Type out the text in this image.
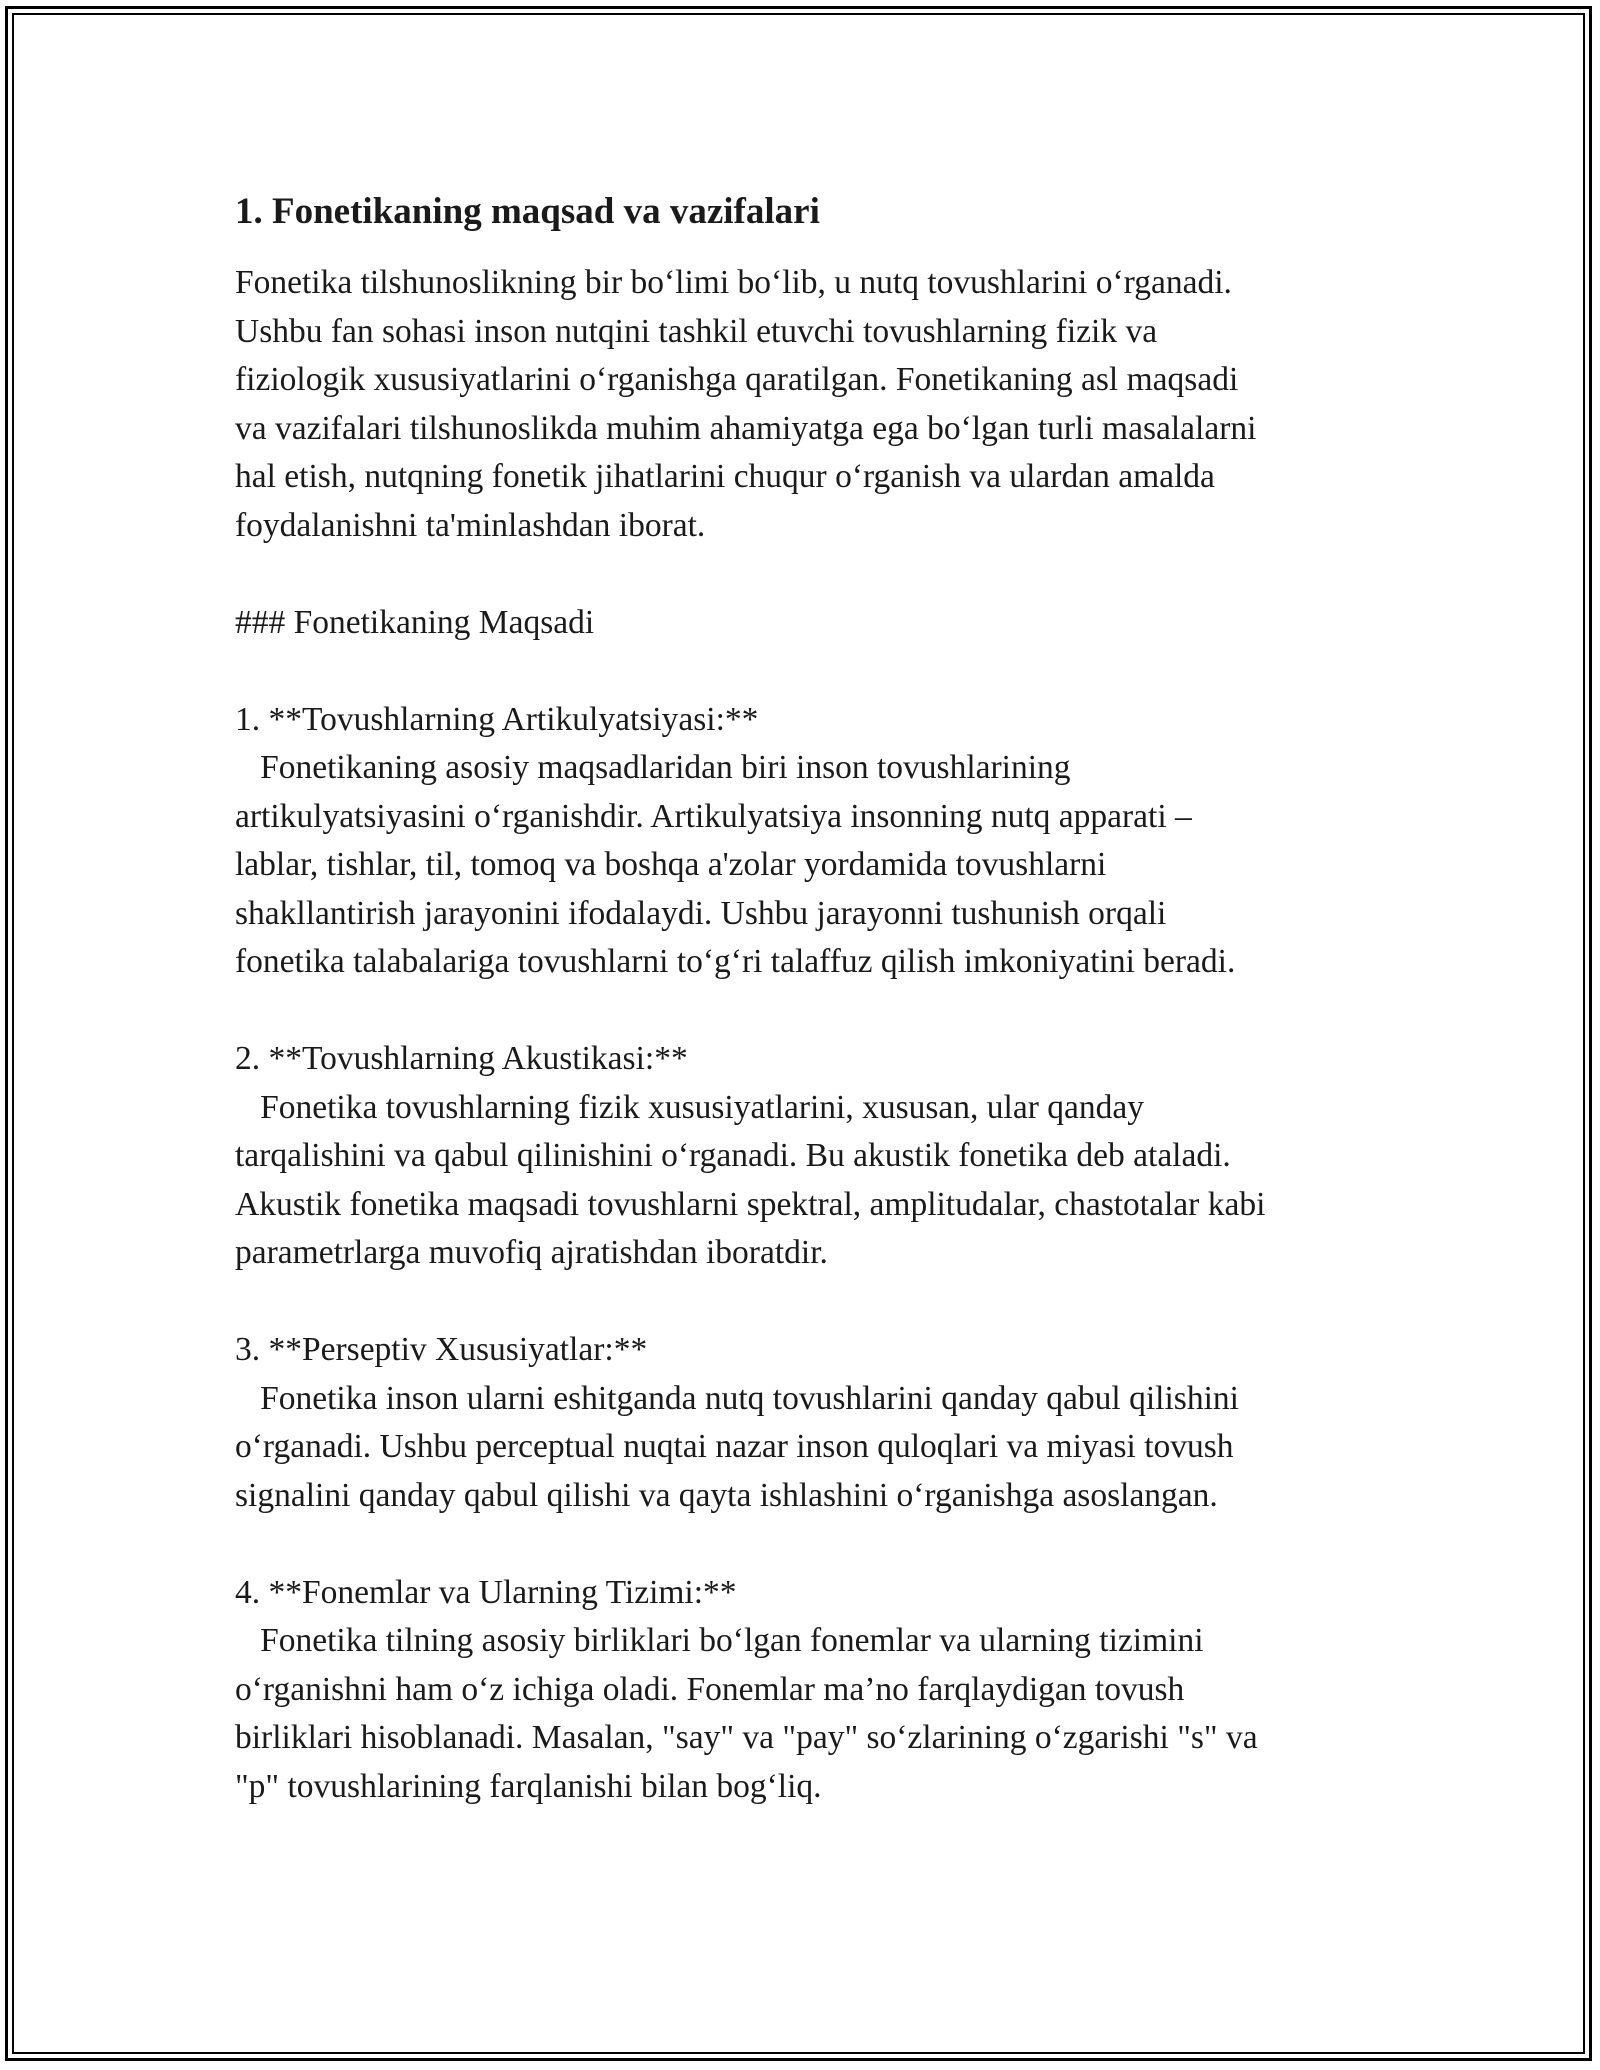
1. Fonetikaning maqsad va vazifalari

Fonetika tilshunoslikning bir bo‘limi bo‘lib, u nutq tovushlarini o‘rganadi.

Ushbu fan sohasi inson nutqini tashkil etuvchi tovushlarning fizik va

fiziologik xususiyatlarini o‘rganishga qaratilgan. Fonetikaning asl maqsadi

va vazifalari tilshunoslikda muhim ahamiyatga ega bo‘lgan turli masalalarni

hal etish, nutqning fonetik jihatlarini chuqur o‘rganish va ulardan amalda

foydalanishni ta'minlashdan iborat.

### Fonetikaning Maqsadi

1. **Tovushlarning Artikulyatsiyasi:**

Fonetikaning asosiy maqsadlaridan biri inson tovushlarining

artikulyatsiyasini o‘rganishdir. Artikulyatsiya insonning nutq apparati –

lablar, tishlar, til, tomoq va boshqa a'zolar yordamida tovushlarni

shakllantirish jarayonini ifodalaydi. Ushbu jarayonni tushunish orqali

fonetika talabalariga tovushlarni to‘g‘ri talaffuz qilish imkoniyatini beradi.

2. **Tovushlarning Akustikasi:**

Fonetika tovushlarning fizik xususiyatlarini, xususan, ular qanday

tarqalishini va qabul qilinishini o‘rganadi. Bu akustik fonetika deb ataladi.

Akustik fonetika maqsadi tovushlarni spektral, amplitudalar, chastotalar kabi

parametrlarga muvofiq ajratishdan iboratdir.

3. **Perseptiv Xususiyatlar:**

Fonetika inson ularni eshitganda nutq tovushlarini qanday qabul qilishini

o‘rganadi. Ushbu perceptual nuqtai nazar inson quloqlari va miyasi tovush

signalini qanday qabul qilishi va qayta ishlashini o‘rganishga asoslangan.

4. **Fonemlar va Ularning Tizimi:**

Fonetika tilning asosiy birliklari bo‘lgan fonemlar va ularning tizimini

o‘rganishni ham o‘z ichiga oladi. Fonemlar ma’no farqlaydigan tovush

birliklari hisoblanadi. Masalan, "say" va "pay" so‘zlarining o‘zgarishi "s" va

"p" tovushlarining farqlanishi bilan bog‘liq.
